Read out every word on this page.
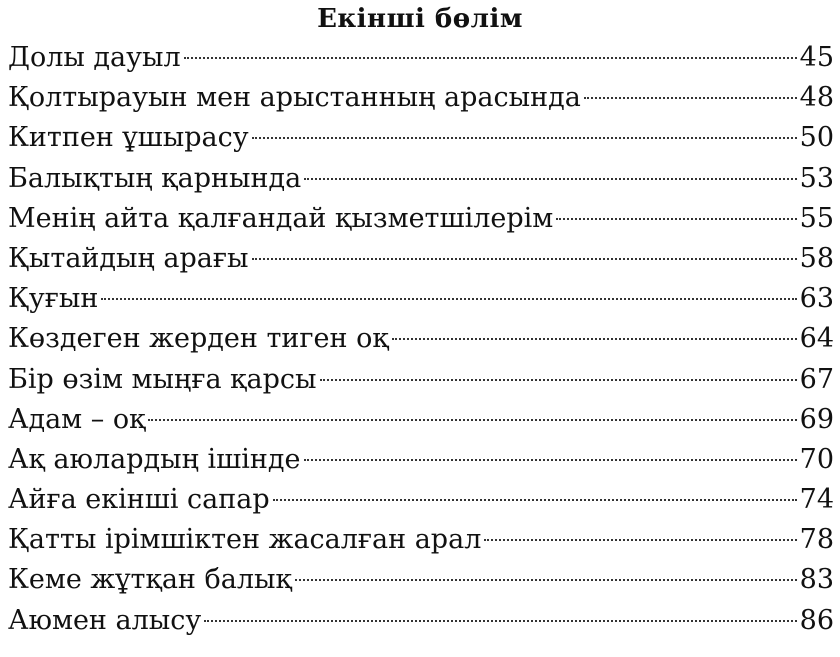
Екінші бөлім
Долы дауыл	45
Қолтырауын мен арыстанның арасында	48
Китпен ұшырасу	50
Балықтың қарнында	53
Менің айта қалғандай қызметшілерім	55
Қытайдың арағы	58
Қуғын	63
Көздеген жерден тиген оқ	64
Бір өзім мыңға қарсы	67
Адам – оқ	69
Ақ аюлардың ішінде	70
Айға екінші сапар	74
Қатты ірімшіктен жасалған арал	78
Кеме жұтқан балық	83
Аюмен алысу	86
